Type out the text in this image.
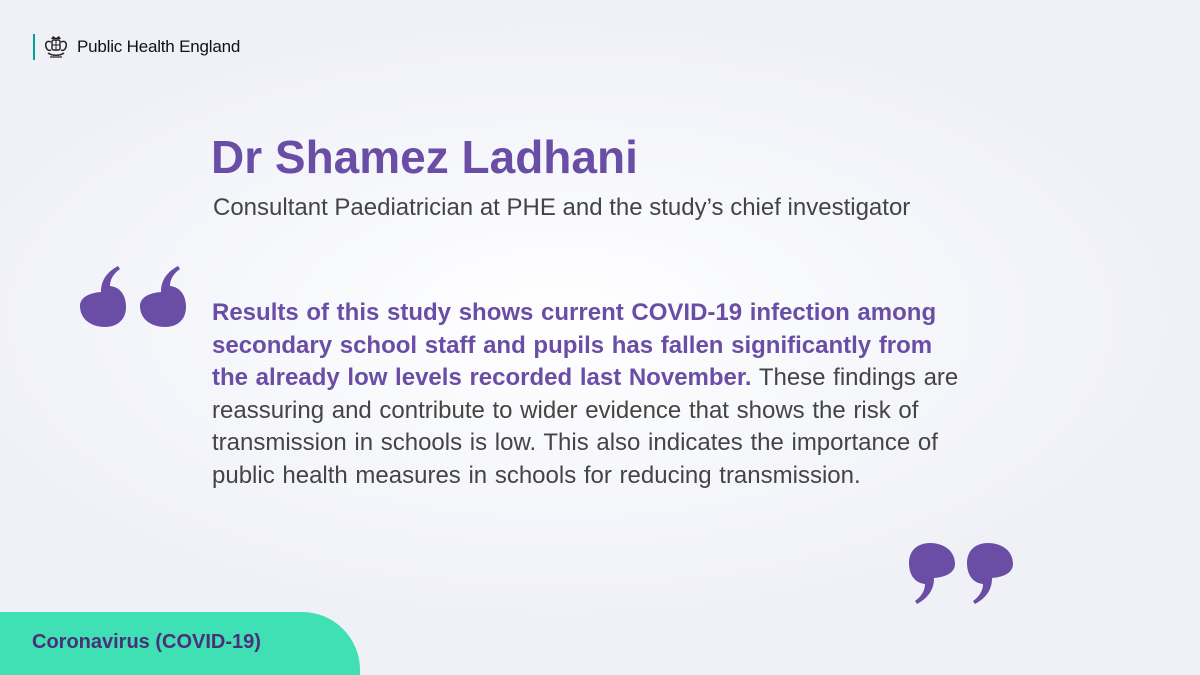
Public Health England
Dr Shamez Ladhani
Consultant Paediatrician at PHE and the study’s chief investigator
Results of this study shows current COVID-19 infection among secondary school staff and pupils has fallen significantly from the already low levels recorded last November. These findings are reassuring and contribute to wider evidence that shows the risk of transmission in schools is low. This also indicates the importance of public health measures in schools for reducing transmission.
Coronavirus (COVID-19)
